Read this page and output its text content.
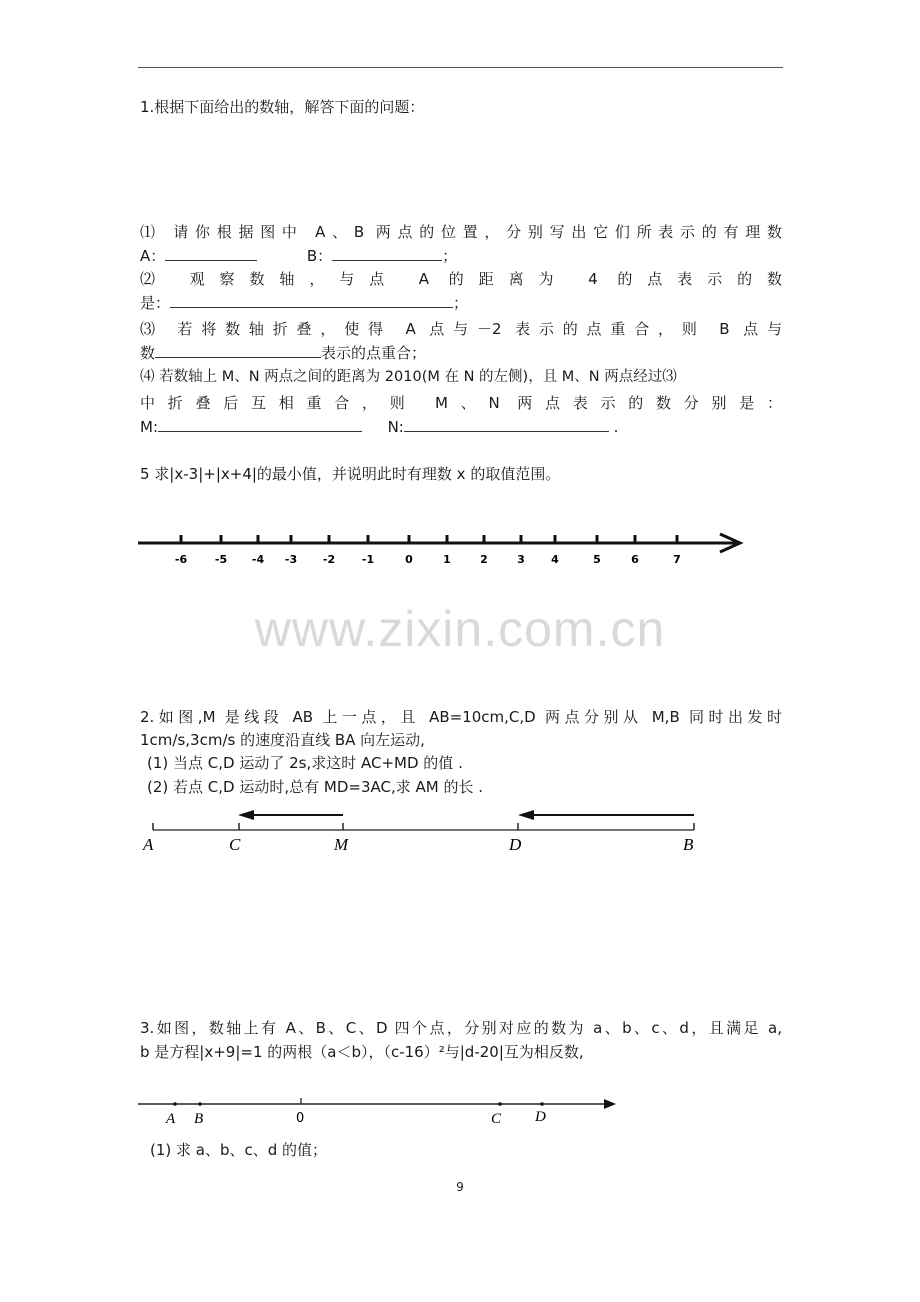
1.根据下面给出的数轴，解答下面的问题：
⑴ 请你根据图中 A、B 两点的位置，分别写出它们所表示的有理数
A：	B：	；
⑵ 观察数轴，与点 A 的距离为 4 的点表示的数
是：	；
⑶ 若将数轴折叠，使得 A 点与－2 表示的点重合，则 B 点与
数	表示的点重合；
⑷ 若数轴上 M、N 两点之间的距离为 2010(M 在 N 的左侧)，且 M、N 两点经过⑶
中折叠后互相重合，则 M、N 两点表示的数分别是：
M:	N:	.
5 求|x-3|+|x+4|的最小值，并说明此时有理数 x 的取值范围。
-6	-5 -4 -3 -2 -1	0	1	2	3 4	5	6	7
www.zixin.com.cn
2.如图,M 是线段 AB 上一点，且 AB=10cm,C,D 两点分别从 M,B 同时出发时
1cm/s,3cm/s 的速度沿直线 BA 向左运动,
(1) 当点 C,D 运动了 2s,求这时 AC+MD 的值 .
(2) 若点 C,D 运动时,总有 MD=3AC,求 AM 的长 .
A	C	M	D	B
3.如图，数轴上有 A、B、C、D 四个点，分别对应的数为 a、b、c、d，且满足 a,
b 是方程|x+9|=1 的两根（a＜b），（c-16）²与|d-20|互为相反数,
A B	0	C D
(1) 求 a、b、c、d 的值；
9
